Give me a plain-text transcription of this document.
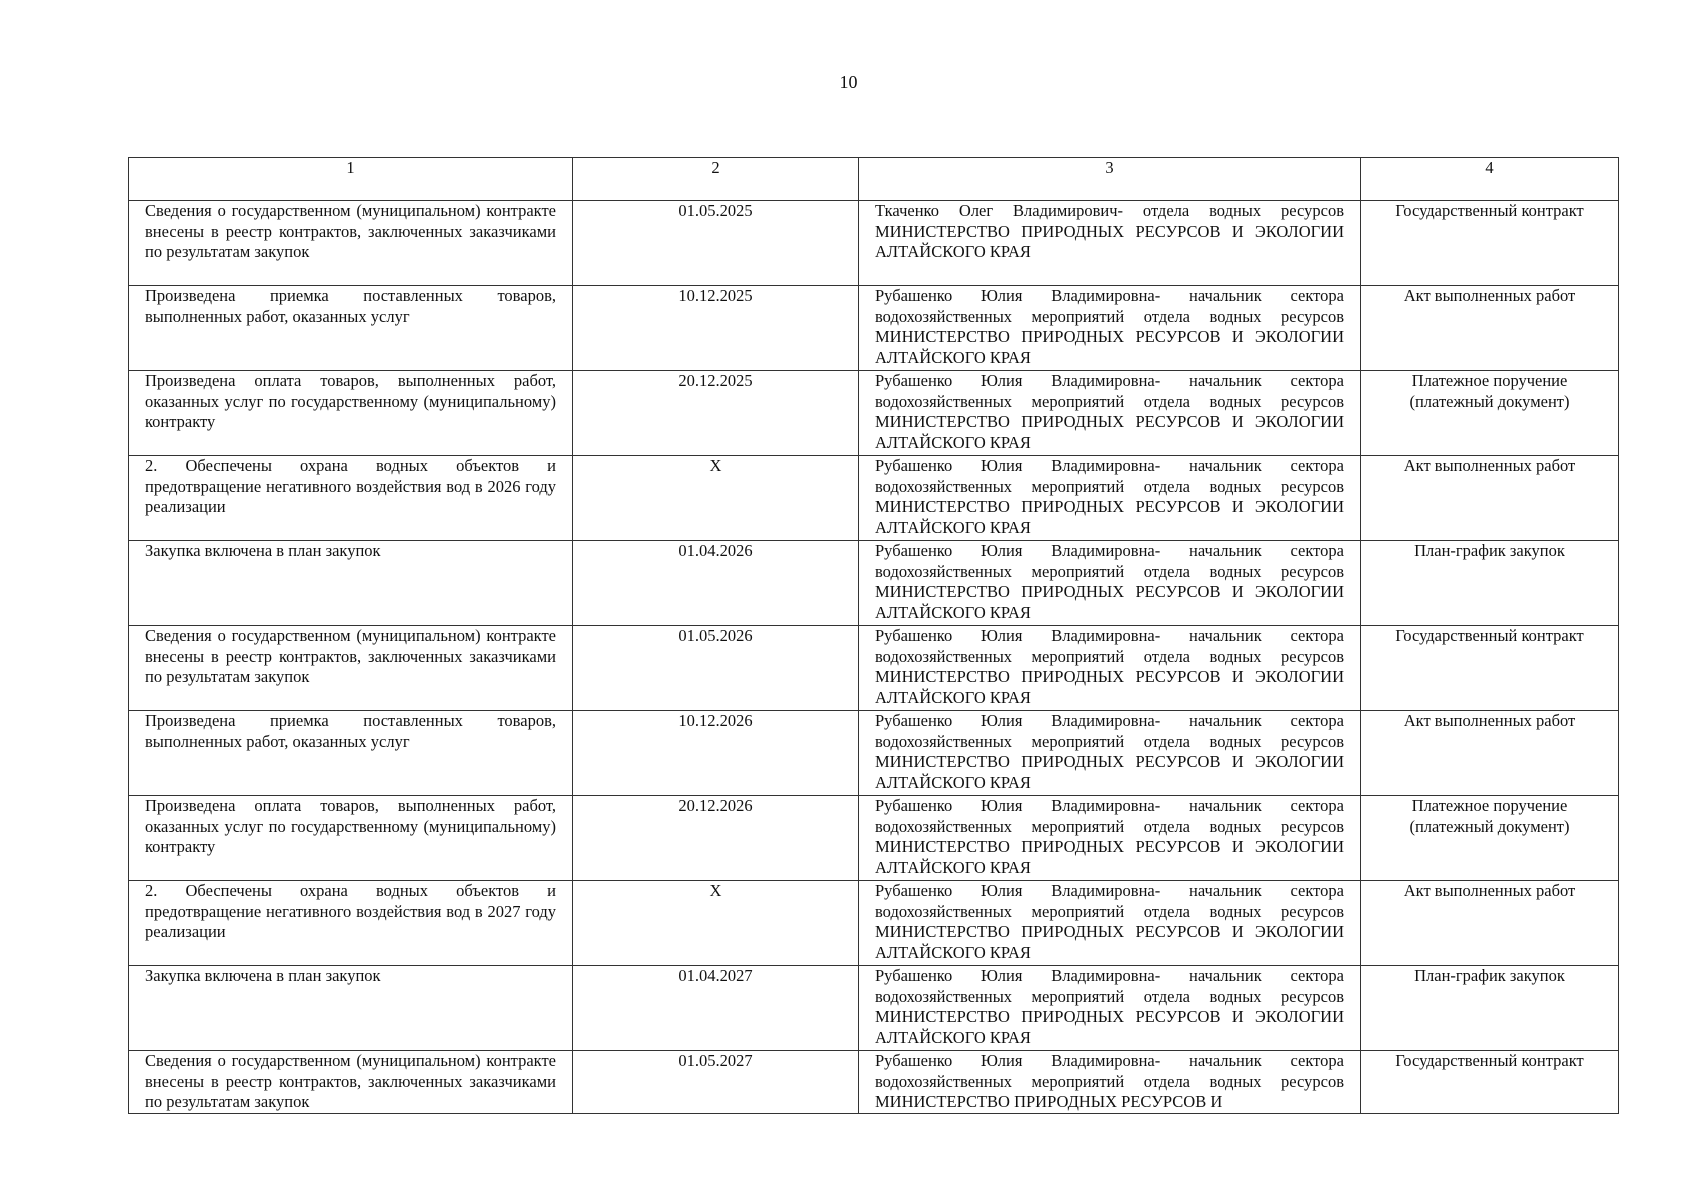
10
1	2	3	4
Сведения о государственном (муниципальном) контракте внесены в реестр контрактов, заключенных заказчиками по результатам закупок	01.05.2025	Ткаченко Олег Владимирович- отдела водных ресурсов МИНИСТЕРСТВО ПРИРОДНЫХ РЕСУРСОВ И ЭКОЛОГИИ АЛТАЙСКОГО КРАЯ	Государственный контракт
Произведена приемка поставленных товаров, выполненных работ, оказанных услуг	10.12.2025	Рубашенко Юлия Владимировна- начальник сектора водохозяйственных мероприятий отдела водных ресурсов МИНИСТЕРСТВО ПРИРОДНЫХ РЕСУРСОВ И ЭКОЛОГИИ АЛТАЙСКОГО КРАЯ	Акт выполненных работ
Произведена оплата товаров, выполненных работ, оказанных услуг по государственному (муниципальному) контракту	20.12.2025	Рубашенко Юлия Владимировна- начальник сектора водохозяйственных мероприятий отдела водных ресурсов МИНИСТЕРСТВО ПРИРОДНЫХ РЕСУРСОВ И ЭКОЛОГИИ АЛТАЙСКОГО КРАЯ	Платежное поручение (платежный документ)
2. Обеспечены охрана водных объектов и предотвращение негативного воздействия вод в 2026 году реализации	X	Рубашенко Юлия Владимировна- начальник сектора водохозяйственных мероприятий отдела водных ресурсов МИНИСТЕРСТВО ПРИРОДНЫХ РЕСУРСОВ И ЭКОЛОГИИ АЛТАЙСКОГО КРАЯ	Акт выполненных работ
Закупка включена в план закупок	01.04.2026	Рубашенко Юлия Владимировна- начальник сектора водохозяйственных мероприятий отдела водных ресурсов МИНИСТЕРСТВО ПРИРОДНЫХ РЕСУРСОВ И ЭКОЛОГИИ АЛТАЙСКОГО КРАЯ	План-график закупок
Сведения о государственном (муниципальном) контракте внесены в реестр контрактов, заключенных заказчиками по результатам закупок	01.05.2026	Рубашенко Юлия Владимировна- начальник сектора водохозяйственных мероприятий отдела водных ресурсов МИНИСТЕРСТВО ПРИРОДНЫХ РЕСУРСОВ И ЭКОЛОГИИ АЛТАЙСКОГО КРАЯ	Государственный контракт
Произведена приемка поставленных товаров, выполненных работ, оказанных услуг	10.12.2026	Рубашенко Юлия Владимировна- начальник сектора водохозяйственных мероприятий отдела водных ресурсов МИНИСТЕРСТВО ПРИРОДНЫХ РЕСУРСОВ И ЭКОЛОГИИ АЛТАЙСКОГО КРАЯ	Акт выполненных работ
Произведена оплата товаров, выполненных работ, оказанных услуг по государственному (муниципальному) контракту	20.12.2026	Рубашенко Юлия Владимировна- начальник сектора водохозяйственных мероприятий отдела водных ресурсов МИНИСТЕРСТВО ПРИРОДНЫХ РЕСУРСОВ И ЭКОЛОГИИ АЛТАЙСКОГО КРАЯ	Платежное поручение (платежный документ)
2. Обеспечены охрана водных объектов и предотвращение негативного воздействия вод в 2027 году реализации	X	Рубашенко Юлия Владимировна- начальник сектора водохозяйственных мероприятий отдела водных ресурсов МИНИСТЕРСТВО ПРИРОДНЫХ РЕСУРСОВ И ЭКОЛОГИИ АЛТАЙСКОГО КРАЯ	Акт выполненных работ
Закупка включена в план закупок	01.04.2027	Рубашенко Юлия Владимировна- начальник сектора водохозяйственных мероприятий отдела водных ресурсов МИНИСТЕРСТВО ПРИРОДНЫХ РЕСУРСОВ И ЭКОЛОГИИ АЛТАЙСКОГО КРАЯ	План-график закупок
Сведения о государственном (муниципальном) контракте внесены в реестр контрактов, заключенных заказчиками по результатам закупок	01.05.2027	Рубашенко Юлия Владимировна- начальник сектора водохозяйственных мероприятий отдела водных ресурсов МИНИСТЕРСТВО ПРИРОДНЫХ РЕСУРСОВ И	Государственный контракт
